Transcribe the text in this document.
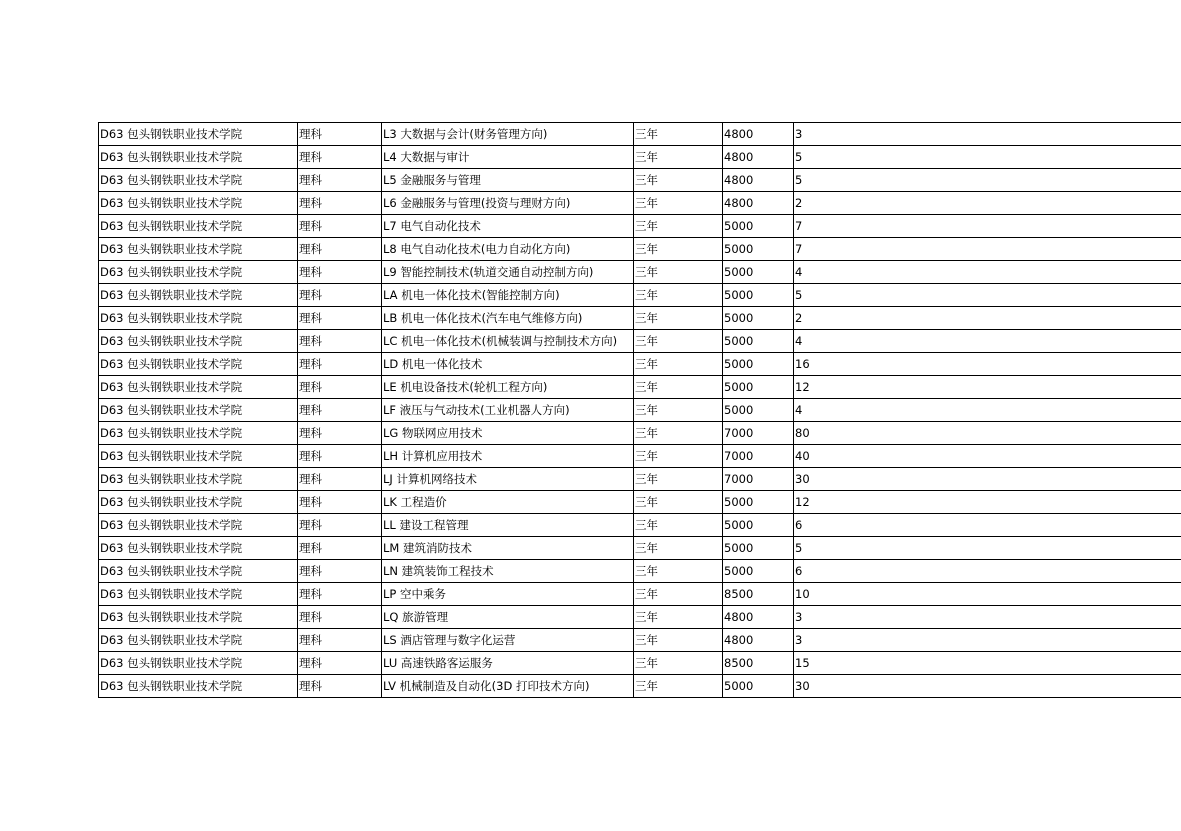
D63 包头钢铁职业技术学院	理科	L3 大数据与会计(财务管理方向)	三年	4800	3
D63 包头钢铁职业技术学院	理科	L4 大数据与审计	三年	4800	5
D63 包头钢铁职业技术学院	理科	L5 金融服务与管理	三年	4800	5
D63 包头钢铁职业技术学院	理科	L6 金融服务与管理(投资与理财方向)	三年	4800	2
D63 包头钢铁职业技术学院	理科	L7 电气自动化技术	三年	5000	7
D63 包头钢铁职业技术学院	理科	L8 电气自动化技术(电力自动化方向)	三年	5000	7
D63 包头钢铁职业技术学院	理科	L9 智能控制技术(轨道交通自动控制方向)	三年	5000	4
D63 包头钢铁职业技术学院	理科	LA 机电一体化技术(智能控制方向)	三年	5000	5
D63 包头钢铁职业技术学院	理科	LB 机电一体化技术(汽车电气维修方向)	三年	5000	2
D63 包头钢铁职业技术学院	理科	LC 机电一体化技术(机械装调与控制技术方向)	三年	5000	4
D63 包头钢铁职业技术学院	理科	LD 机电一体化技术	三年	5000	16
D63 包头钢铁职业技术学院	理科	LE 机电设备技术(轮机工程方向)	三年	5000	12
D63 包头钢铁职业技术学院	理科	LF 液压与气动技术(工业机器人方向)	三年	5000	4
D63 包头钢铁职业技术学院	理科	LG 物联网应用技术	三年	7000	80
D63 包头钢铁职业技术学院	理科	LH 计算机应用技术	三年	7000	40
D63 包头钢铁职业技术学院	理科	LJ 计算机网络技术	三年	7000	30
D63 包头钢铁职业技术学院	理科	LK 工程造价	三年	5000	12
D63 包头钢铁职业技术学院	理科	LL 建设工程管理	三年	5000	6
D63 包头钢铁职业技术学院	理科	LM 建筑消防技术	三年	5000	5
D63 包头钢铁职业技术学院	理科	LN 建筑装饰工程技术	三年	5000	6
D63 包头钢铁职业技术学院	理科	LP 空中乘务	三年	8500	10
D63 包头钢铁职业技术学院	理科	LQ 旅游管理	三年	4800	3
D63 包头钢铁职业技术学院	理科	LS 酒店管理与数字化运营	三年	4800	3
D63 包头钢铁职业技术学院	理科	LU 高速铁路客运服务	三年	8500	15
D63 包头钢铁职业技术学院	理科	LV 机械制造及自动化(3D 打印技术方向)	三年	5000	30
